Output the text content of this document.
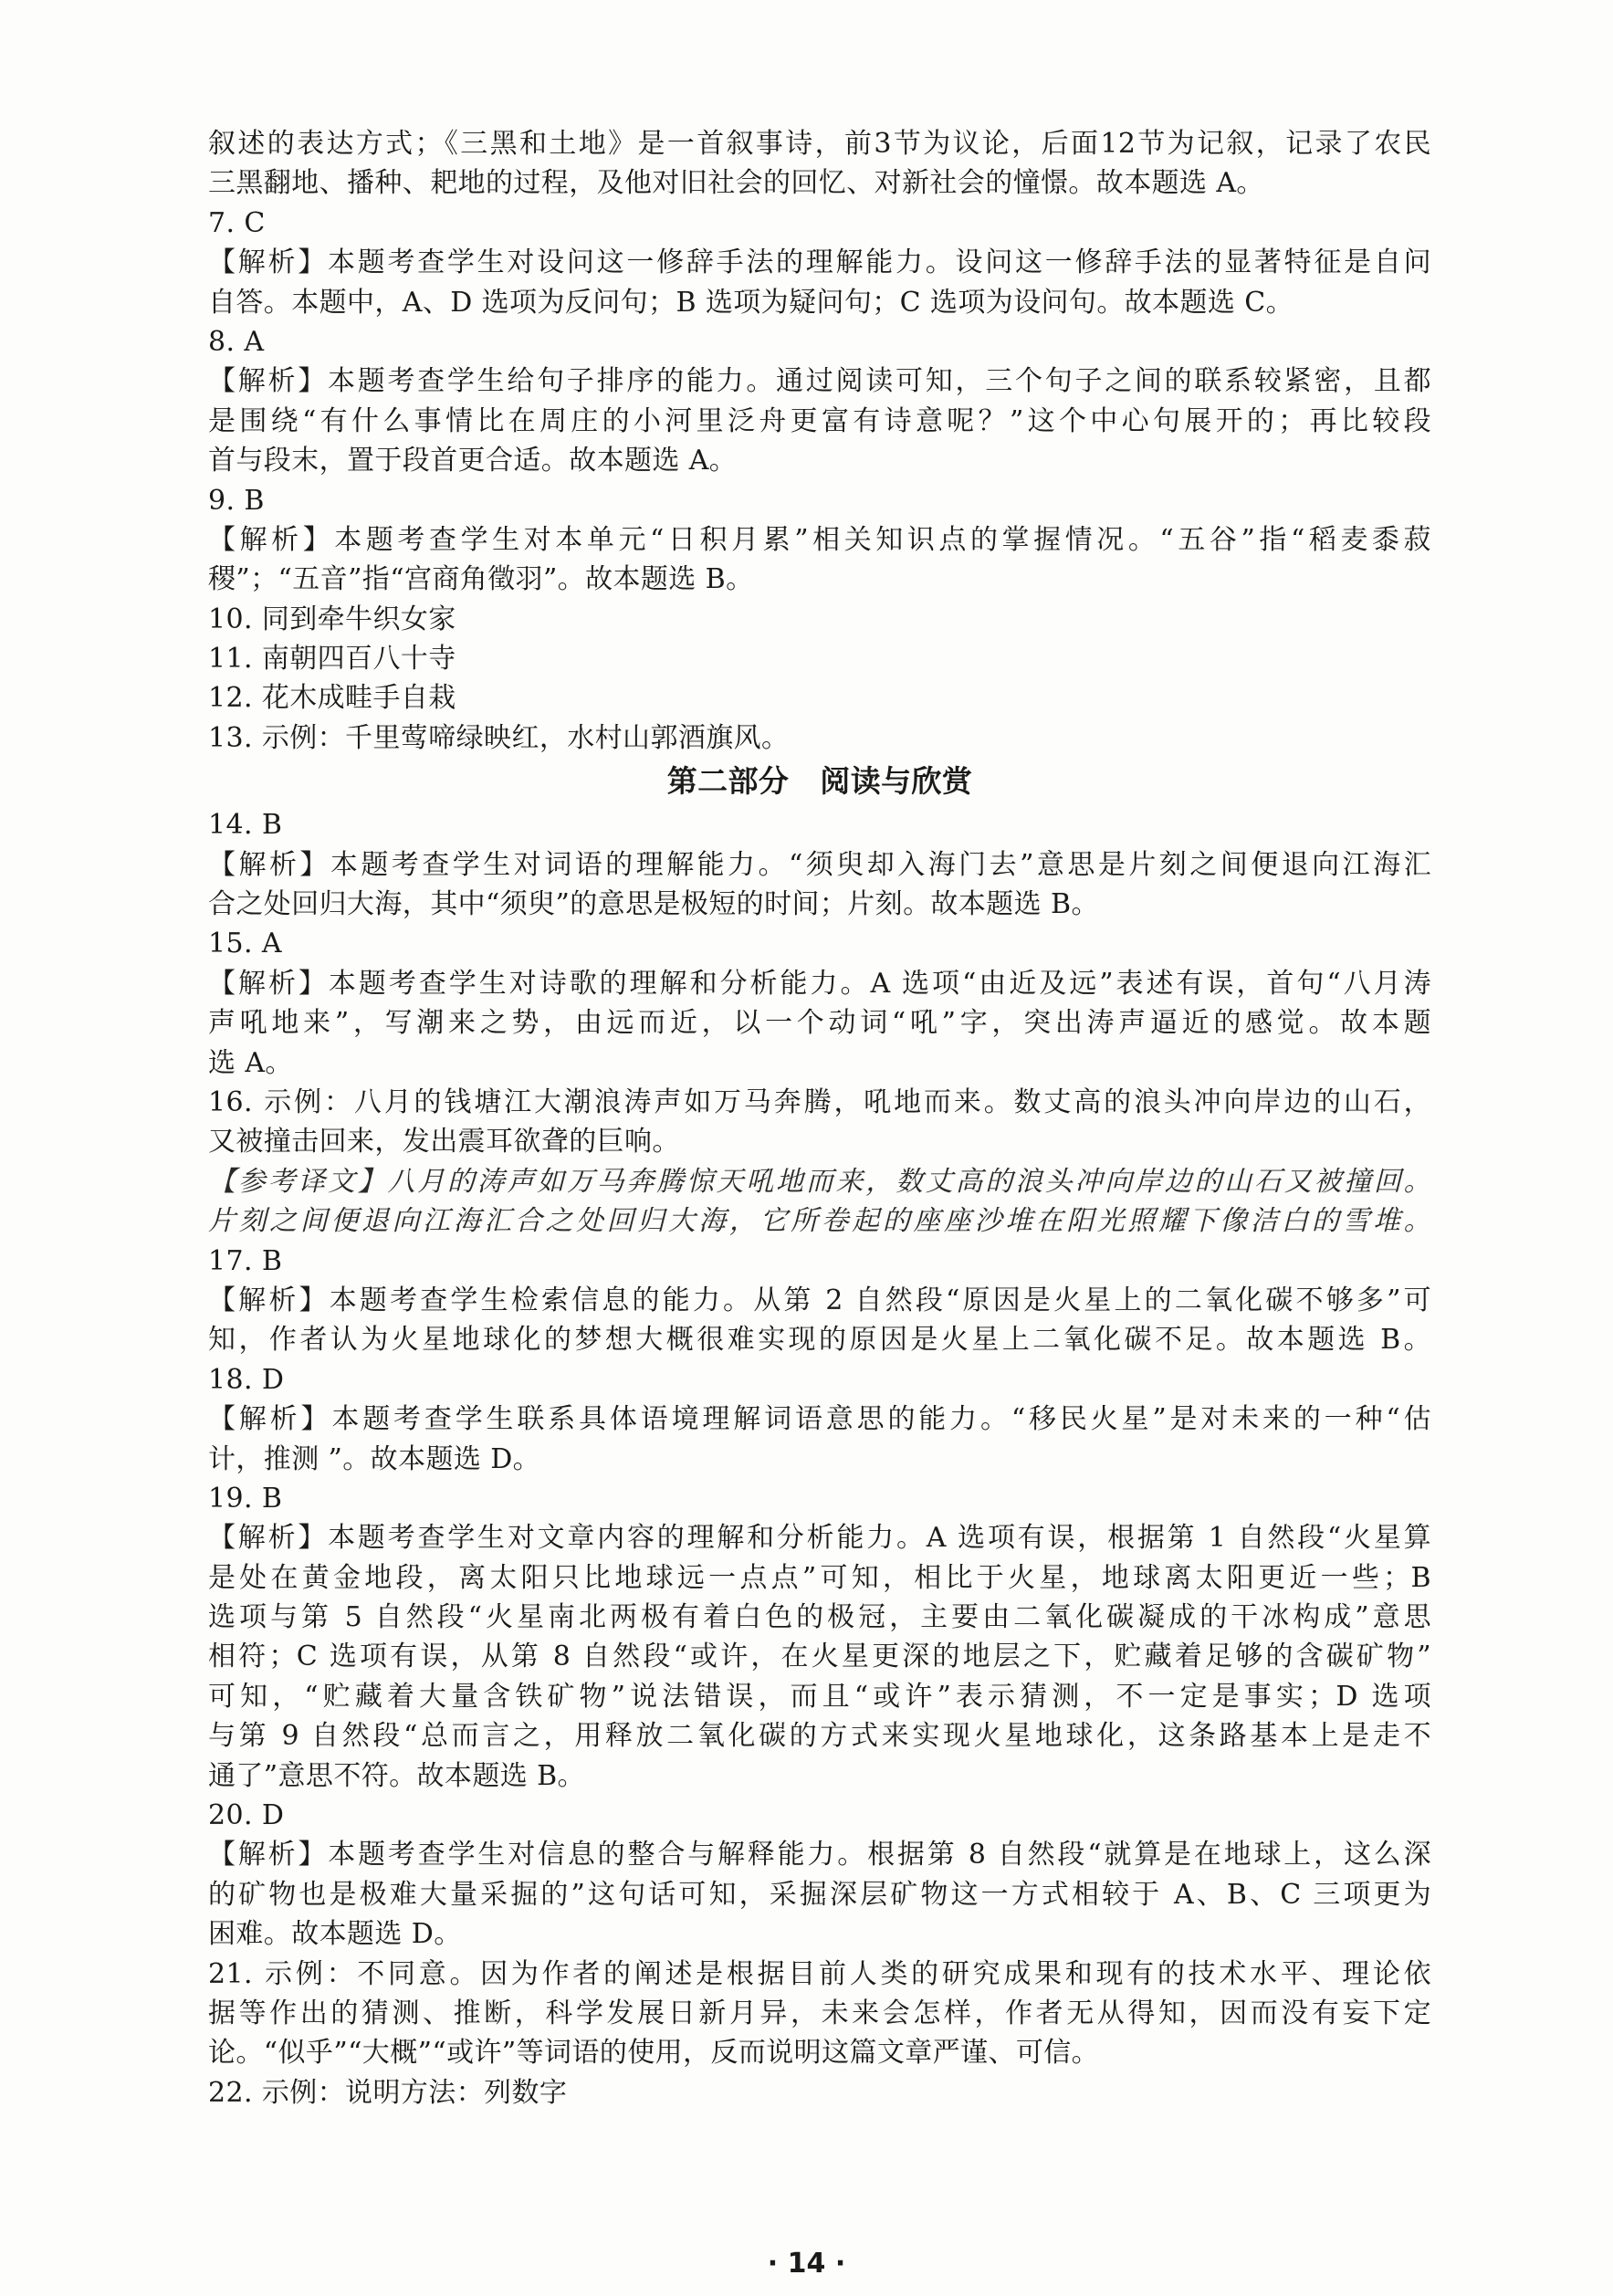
叙述的表达方式；《三黑和土地》是一首叙事诗，前3节为议论，后面12节为记叙，记录了农民
三黑翻地、播种、耙地的过程，及他对旧社会的回忆、对新社会的憧憬。故本题选 A。
7. C
【解析】本题考查学生对设问这一修辞手法的理解能力。设问这一修辞手法的显著特征是自问
自答。本题中，A、D 选项为反问句；B 选项为疑问句；C 选项为设问句。故本题选 C。
8. A
【解析】本题考查学生给句子排序的能力。通过阅读可知，三个句子之间的联系较紧密，且都
是围绕“有什么事情比在周庄的小河里泛舟更富有诗意呢？”这个中心句展开的；再比较段
首与段末，置于段首更合适。故本题选 A。
9. B
【解析】本题考查学生对本单元“日积月累”相关知识点的掌握情况。“五谷”指“稻麦黍菽
稷”；“五音”指“宫商角徵羽”。故本题选 B。
10. 同到牵牛织女家
11. 南朝四百八十寺
12. 花木成畦手自栽
13. 示例：千里莺啼绿映红，水村山郭酒旗风。
第二部分 阅读与欣赏
14. B
【解析】本题考查学生对词语的理解能力。“须臾却入海门去”意思是片刻之间便退向江海汇
合之处回归大海，其中“须臾”的意思是极短的时间；片刻。故本题选 B。
15. A
【解析】本题考查学生对诗歌的理解和分析能力。A 选项“由近及远”表述有误，首句“八月涛
声吼地来”，写潮来之势，由远而近，以一个动词“吼”字，突出涛声逼近的感觉。故本题
选 A。
16. 示例：八月的钱塘江大潮浪涛声如万马奔腾，吼地而来。数丈高的浪头冲向岸边的山石，
又被撞击回来，发出震耳欲聋的巨响。
【参考译文】八月的涛声如万马奔腾惊天吼地而来，数丈高的浪头冲向岸边的山石又被撞回。
片刻之间便退向江海汇合之处回归大海，它所卷起的座座沙堆在阳光照耀下像洁白的雪堆。
17. B
【解析】本题考查学生检索信息的能力。从第 2 自然段“原因是火星上的二氧化碳不够多”可
知，作者认为火星地球化的梦想大概很难实现的原因是火星上二氧化碳不足。故本题选 B。
18. D
【解析】本题考查学生联系具体语境理解词语意思的能力。“移民火星”是对未来的一种“估
计，推测 ”。故本题选 D。
19. B
【解析】本题考查学生对文章内容的理解和分析能力。A 选项有误，根据第 1 自然段“火星算
是处在黄金地段，离太阳只比地球远一点点”可知，相比于火星，地球离太阳更近一些；B
选项与第 5 自然段“火星南北两极有着白色的极冠，主要由二氧化碳凝成的干冰构成”意思
相符；C 选项有误，从第 8 自然段“或许，在火星更深的地层之下，贮藏着足够的含碳矿物”
可知，“贮藏着大量含铁矿物”说法错误，而且“或许”表示猜测，不一定是事实；D 选项
与第 9 自然段“总而言之，用释放二氧化碳的方式来实现火星地球化，这条路基本上是走不
通了”意思不符。故本题选 B。
20. D
【解析】本题考查学生对信息的整合与解释能力。根据第 8 自然段“就算是在地球上，这么深
的矿物也是极难大量采掘的”这句话可知，采掘深层矿物这一方式相较于 A、B、C 三项更为
困难。故本题选 D。
21. 示例：不同意。因为作者的阐述是根据目前人类的研究成果和现有的技术水平、理论依
据等作出的猜测、推断，科学发展日新月异，未来会怎样，作者无从得知，因而没有妄下定
论。“似乎”“大概”“或许”等词语的使用，反而说明这篇文章严谨、可信。
22. 示例：说明方法：列数字
· 14 ·
